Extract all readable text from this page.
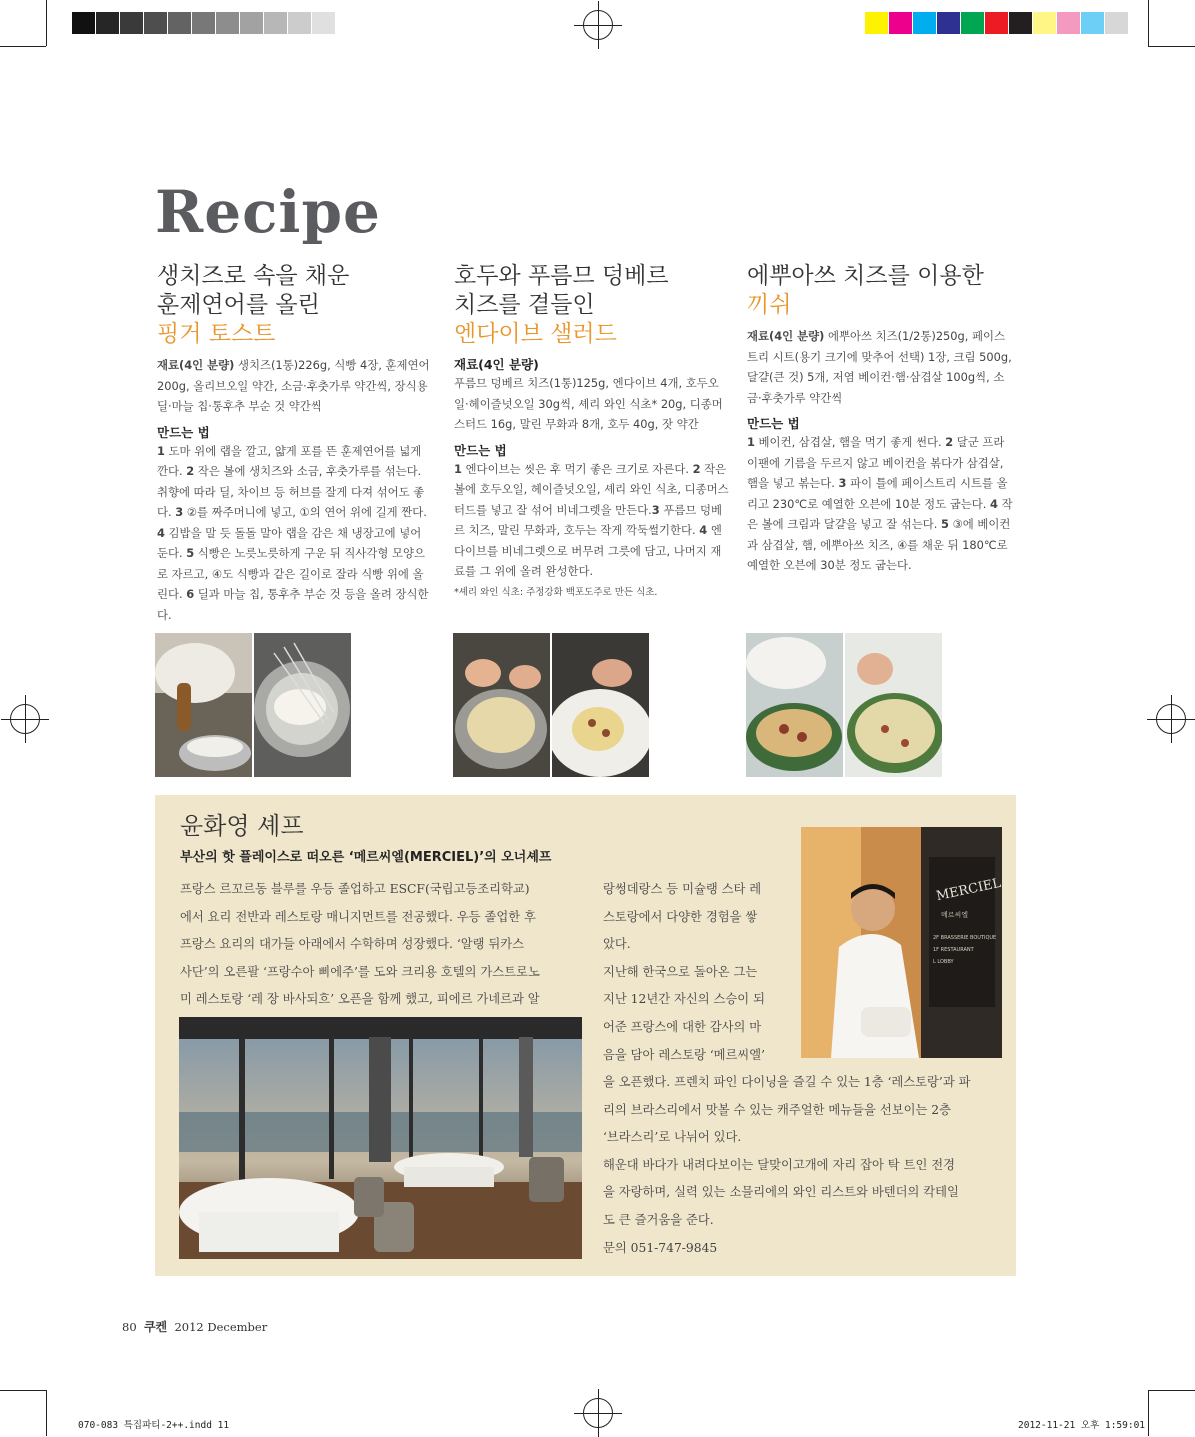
Recipe
생치즈로 속을 채운
훈제연어를 올린
핑거 토스트

재료(4인 분량) 생치즈(1통)226g, 식빵 4장, 훈제연어 200g, 올리브오일 약간, 소금·후춧가루 약간씩, 장식용 딜·마늘 칩·통후추 부순 것 약간씩

만드는 법

1 도마 위에 랩을 깔고, 얇게 포를 뜬 훈제연어를 넓게 깐다. 2 작은 볼에 생치즈와 소금, 후춧가루를 섞는다. 취향에 따라 딜, 차이브 등 허브를 잘게 다져 섞어도 좋다. 3 ②를 짜주머니에 넣고, ①의 연어 위에 길게 짠다. 4 김밥을 말 듯 돌돌 말아 랩을 감은 채 냉장고에 넣어둔다. 5 식빵은 노릇노릇하게 구운 뒤 직사각형 모양으로 자르고, ④도 식빵과 같은 길이로 잘라 식빵 위에 올린다. 6 딜과 마늘 칩, 통후추 부순 것 등을 올려 장식한다.

호두와 푸름므 덩베르
치즈를 곁들인
엔다이브 샐러드
재료(4인 분량)

푸름므 덩베르 치즈(1통)125g, 엔다이브 4개, 호두오일·헤이즐넛오일 30g씩, 셰리 와인 식초* 20g, 디종머스터드 16g, 말린 무화과 8개, 호두 40g, 잣 약간

만드는 법

1 엔다이브는 씻은 후 먹기 좋은 크기로 자른다. 2 작은 볼에 호두오일, 헤이즐넛오일, 셰리 와인 식초, 디종머스터드를 넣고 잘 섞어 비네그렛을 만든다.3 푸름므 덩베르 치즈, 말린 무화과, 호두는 작게 깍둑썰기한다. 4 엔다이브를 비네그렛으로 버무려 그릇에 담고, 나머지 재료를 그 위에 올려 완성한다.

*셰리 와인 식초: 주정강화 백포도주로 만든 식초.
에뿌아쓰 치즈를 이용한
끼쉬

재료(4인 분량) 에뿌아쓰 치즈(1/2통)250g, 페이스트리 시트(용기 크기에 맞추어 선택) 1장, 크림 500g, 달걀(큰 것) 5개, 저염 베이컨·햄·삼겹살 100g씩, 소금·후춧가루 약간씩

만드는 법

1 베이컨, 삼겹살, 햄을 먹기 좋게 썬다. 2 달군 프라이팬에 기름을 두르지 않고 베이컨을 볶다가 삼겹살, 햄을 넣고 볶는다. 3 파이 틀에 페이스트리 시트를 올리고 230℃로 예열한 오븐에 10분 정도 굽는다. 4 작은 볼에 크림과 달걀을 넣고 잘 섞는다. 5 ③에 베이컨과 삼겹살, 햄, 에뿌아쓰 치즈, ④를 채운 뒤 180℃로 예열한 오븐에 30분 정도 굽는다.

윤화영 셰프
부산의 핫 플레이스로 떠오른 ‘메르씨엘(MERCIEL)’의 오너셰프

프랑스 르꼬르동 블루를 우등 졸업하고 ESCF(국립고등조리학교)

에서 요리 전반과 레스토랑 매니지먼트를 전공했다. 우등 졸업한 후

프랑스 요리의 대가들 아래에서 수학하며 성장했다. ‘알랭 뒤카스

사단’의 오른팔 ‘프랑수아 삐에주’를 도와 크리용 호텔의 가스트로노

미 레스토랑 ‘레 장 바사되흐’ 오픈을 함께 했고, 피에르 가네르과 알

랑썽데랑스 등 미슐랭 스타 레

스토랑에서 다양한 경험을 쌓

았다.

지난해 한국으로 돌아온 그는

지난 12년간 자신의 스승이 되

어준 프랑스에 대한 감사의 마

음을 담아 레스토랑 ‘메르씨엘’

MERCIEL
메르씨엘
2F BRASSERIE BOUTIQUE
1F RESTAURANT
L LOBBY

을 오픈했다. 프렌치 파인 다이닝을 즐길 수 있는 1층 ‘레스토랑’과 파

리의 브라스리에서 맛볼 수 있는 캐주얼한 메뉴들을 선보이는 2층

‘브라스리’로 나뉘어 있다.

해운대 바다가 내려다보이는 달맞이고개에 자리 잡아 탁 트인 전경

을 자랑하며, 실력 있는 소믈리에의 와인 리스트와 바텐더의 칵테일

도 큰 즐거움을 준다.

문의 051-747-9845

80 쿠켄 2012 December
070-083 특집파티-2++.indd 11	2012-11-21 오후 1:59:01
